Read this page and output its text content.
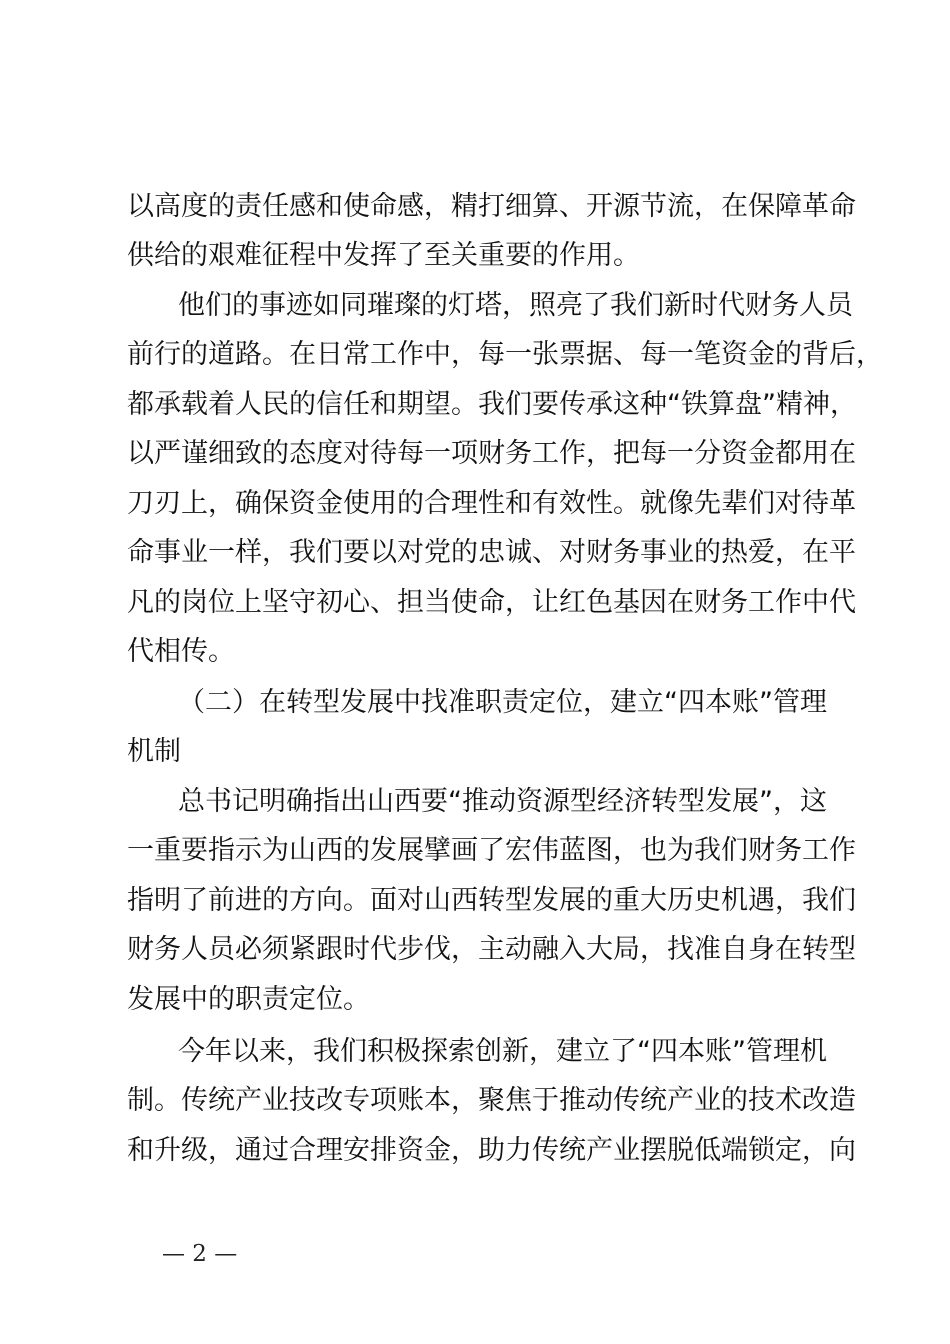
以高度的责任感和使命感，精打细算、开源节流，在保障革命
供给的艰难征程中发挥了至关重要的作用。
他们的事迹如同璀璨的灯塔，照亮了我们新时代财务人员
前行的道路。在日常工作中，每一张票据、每一笔资金的背后，
都承载着人民的信任和期望。我们要传承这种“铁算盘”精神，
以严谨细致的态度对待每一项财务工作，把每一分资金都用在
刀刃上，确保资金使用的合理性和有效性。就像先辈们对待革
命事业一样，我们要以对党的忠诚、对财务事业的热爱，在平
凡的岗位上坚守初心、担当使命，让红色基因在财务工作中代
代相传。
（二）在转型发展中找准职责定位，建立“四本账”管理
机制
总书记明确指出山西要“推动资源型经济转型发展”，这
一重要指示为山西的发展擘画了宏伟蓝图，也为我们财务工作
指明了前进的方向。面对山西转型发展的重大历史机遇，我们
财务人员必须紧跟时代步伐，主动融入大局，找准自身在转型
发展中的职责定位。
今年以来，我们积极探索创新，建立了“四本账”管理机
制。传统产业技改专项账本，聚焦于推动传统产业的技术改造
和升级，通过合理安排资金，助力传统产业摆脱低端锁定，向
— 2 —
